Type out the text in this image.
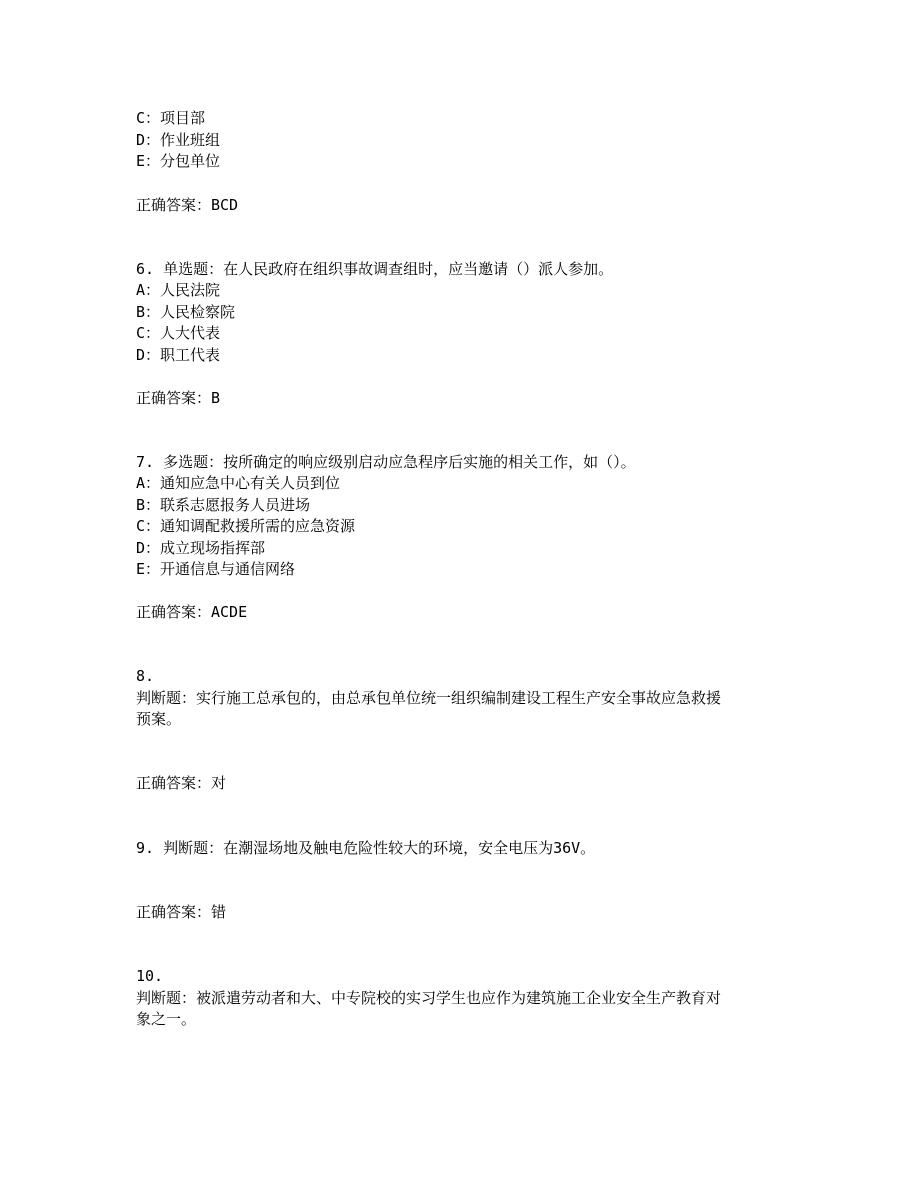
C：项目部
D：作业班组
E：分包单位
正确答案：BCD
6. 单选题：在人民政府在组织事故调查组时，应当邀请（）派人参加。
A：人民法院
B：人民检察院
C：人大代表
D：职工代表
正确答案：B
7. 多选题：按所确定的响应级别启动应急程序后实施的相关工作，如（）。
A：通知应急中心有关人员到位
B：联系志愿报务人员进场
C：通知调配救援所需的应急资源
D：成立现场指挥部
E：开通信息与通信网络
正确答案：ACDE
8.
判断题：实行施工总承包的，由总承包单位统一组织编制建设工程生产安全事故应急救援
预案。
正确答案：对
9. 判断题：在潮湿场地及触电危险性较大的环境，安全电压为36V。
正确答案：错
10.
判断题：被派遣劳动者和大、中专院校的实习学生也应作为建筑施工企业安全生产教育对
象之一。
